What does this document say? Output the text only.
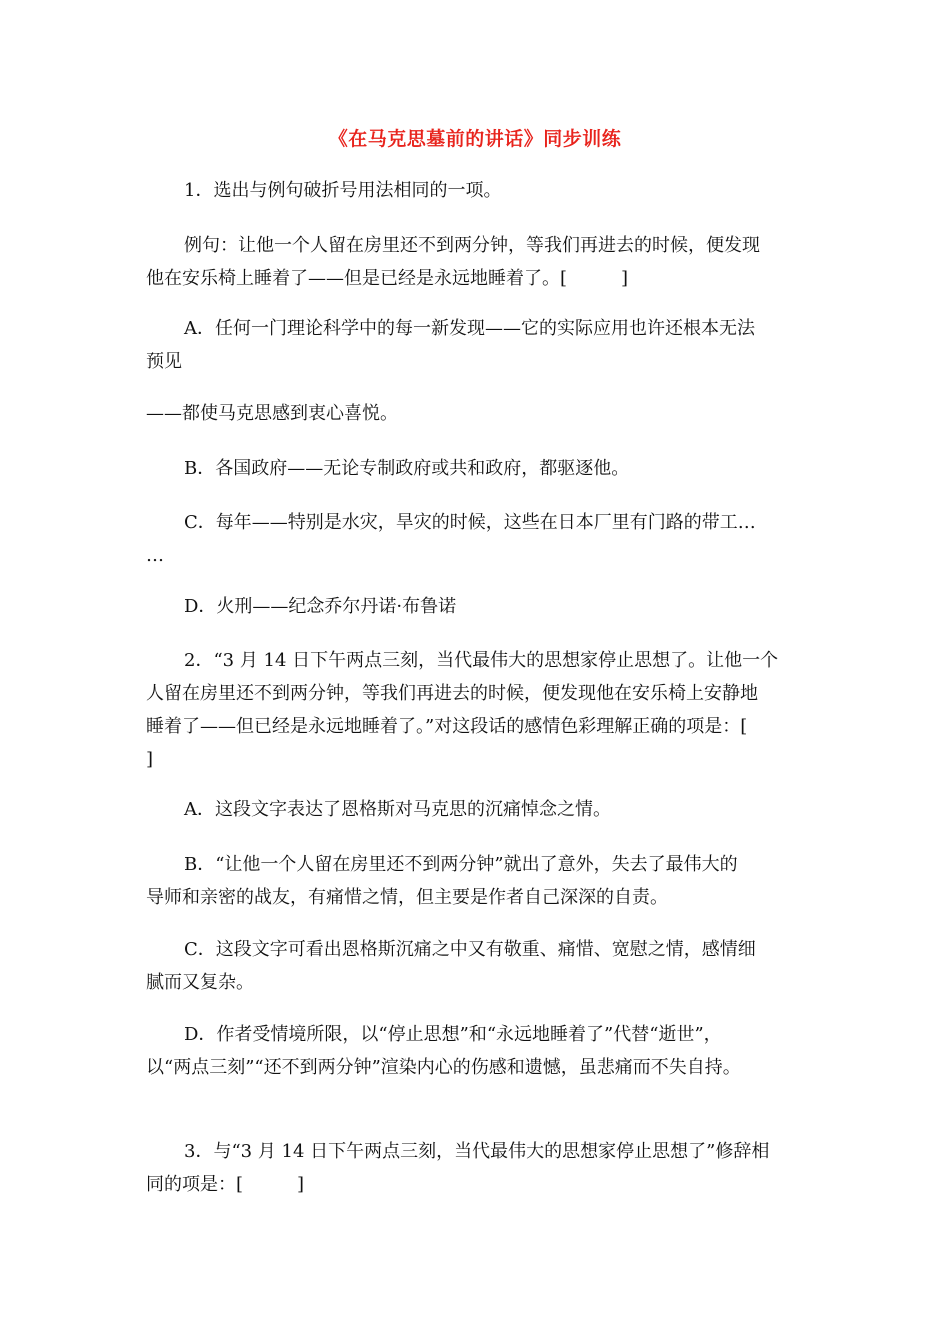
《在马克思墓前的讲话》同步训练
1．选出与例句破折号用法相同的一项。
例句：让他一个人留在房里还不到两分钟，等我们再进去的时候，便发现
他在安乐椅上睡着了——但是已经是永远地睡着了。[　　　]
A．任何一门理论科学中的每一新发现——它的实际应用也许还根本无法
预见
——都使马克思感到衷心喜悦。
B．各国政府——无论专制政府或共和政府，都驱逐他。
C．每年——特别是水灾，旱灾的时候，这些在日本厂里有门路的带工…
…
D．火刑——纪念乔尔丹诺·布鲁诺
2．“3 月 14 日下午两点三刻，当代最伟大的思想家停止思想了。让他一个
人留在房里还不到两分钟，等我们再进去的时候，便发现他在安乐椅上安静地
睡着了——但已经是永远地睡着了。”对这段话的感情色彩理解正确的项是：[
]
A．这段文字表达了恩格斯对马克思的沉痛悼念之情。
B．“让他一个人留在房里还不到两分钟”就出了意外，失去了最伟大的
导师和亲密的战友，有痛惜之情，但主要是作者自己深深的自责。
C．这段文字可看出恩格斯沉痛之中又有敬重、痛惜、宽慰之情，感情细
腻而又复杂。
D．作者受情境所限，以“停止思想”和“永远地睡着了”代替“逝世”，
以“两点三刻”“还不到两分钟”渲染内心的伤感和遗憾，虽悲痛而不失自持。
3．与“3 月 14 日下午两点三刻，当代最伟大的思想家停止思想了”修辞相
同的项是：[　　　]
